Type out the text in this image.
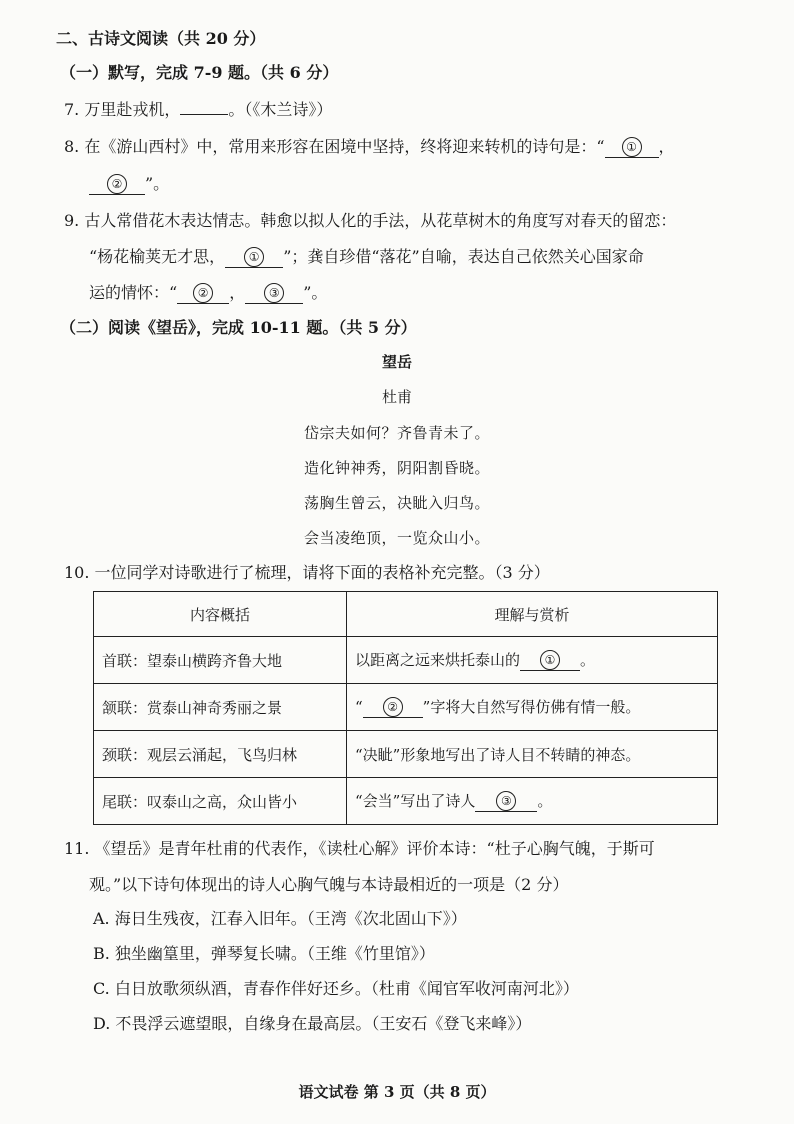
二、古诗文阅读（共 20 分）
（一）默写，完成 7-9 题。（共 6 分）
7. 万里赴戎机，	。（《木兰诗》）
8. 在《游山西村》中，常用来形容在困境中坚持，终将迎来转机的诗句是：“ ① ，
② ”。
9. 古人常借花木表达情志。韩愈以拟人化的手法，从花草树木的角度写对春天的留恋：
“杨花榆荚无才思， ① ”；龚自珍借“落花”自喻，表达自己依然关心国家命
运的情怀：“ ② ， ③ ”。
（二）阅读《望岳》，完成 10-11 题。（共 5 分）
望岳
杜甫
岱宗夫如何？齐鲁青未了。
造化钟神秀，阴阳割昏晓。
荡胸生曾云，决眦入归鸟。
会当凌绝顶，一览众山小。
10. 一位同学对诗歌进行了梳理，请将下面的表格补充完整。（3 分）
内容概括	理解与赏析
首联：望泰山横跨齐鲁大地	以距离之远来烘托泰山的 ① 。
颔联：赏泰山神奇秀丽之景	“ ② ”字将大自然写得仿佛有情一般。
颈联：观层云涌起，飞鸟归林	“决眦”形象地写出了诗人目不转睛的神态。
尾联：叹泰山之高，众山皆小	“会当”写出了诗人 ③ 。
11. 《望岳》是青年杜甫的代表作，《读杜心解》评价本诗：“杜子心胸气魄，于斯可
观。”以下诗句体现出的诗人心胸气魄与本诗最相近的一项是（2 分）
A. 海日生残夜，江春入旧年。（王湾《次北固山下》）
B. 独坐幽篁里，弹琴复长啸。（王维《竹里馆》）
C. 白日放歌须纵酒，青春作伴好还乡。（杜甫《闻官军收河南河北》）
D. 不畏浮云遮望眼，自缘身在最高层。（王安石《登飞来峰》）
语文试卷 第 3 页（共 8 页）
